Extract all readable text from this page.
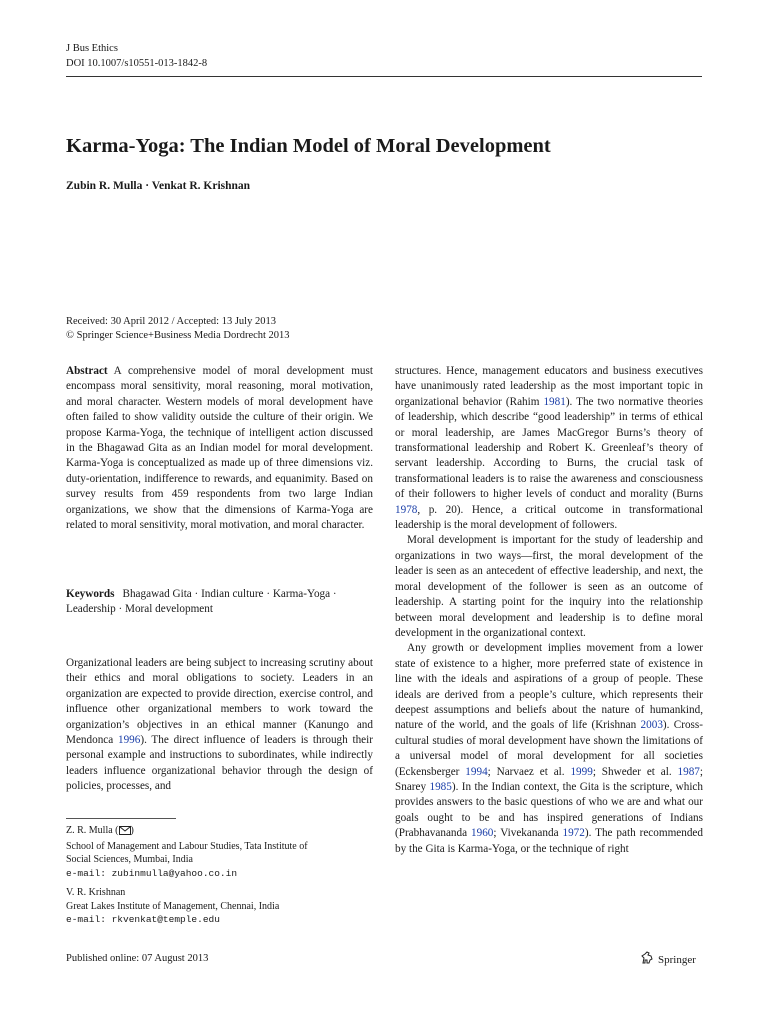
J Bus Ethics
DOI 10.1007/s10551-013-1842-8
Karma-Yoga: The Indian Model of Moral Development
Zubin R. Mulla · Venkat R. Krishnan
Received: 30 April 2012 / Accepted: 13 July 2013
© Springer Science+Business Media Dordrecht 2013

Abstract A comprehensive model of moral development must encompass moral sensitivity, moral reasoning, moral motivation, and moral character. Western models of moral development have often failed to show validity outside the culture of their origin. We propose Karma-Yoga, the technique of intelligent action discussed in the Bhagawad Gita as an Indian model for moral development. Karma-Yoga is conceptualized as made up of three dimensions viz. duty-orientation, indifference to rewards, and equanimity. Based on survey results from 459 respondents from two large Indian organizations, we show that the dimensions of Karma-Yoga are related to moral sensitivity, moral motivation, and moral character.

Keywords Bhagawad Gita · Indian culture · Karma-Yoga · Leadership · Moral development

Organizational leaders are being subject to increasing scrutiny about their ethics and moral obligations to society. Leaders in an organization are expected to provide direction, exercise control, and influence other organizational members to work toward the organization’s objectives in an ethical manner (Kanungo and Mendonca 1996). The direct influence of leaders is through their personal example and instructions to subordinates, while indirectly leaders influence organizational behavior through the design of policies, processes, and

Z. R. Mulla ( )
School of Management and Labour Studies, Tata Institute of
Social Sciences, Mumbai, India
e-mail: zubinmulla@yahoo.co.in
V. R. Krishnan
Great Lakes Institute of Management, Chennai, India
e-mail: rkvenkat@temple.edu

structures. Hence, management educators and business executives have unanimously rated leadership as the most important topic in organizational behavior (Rahim 1981). The two normative theories of leadership, which describe “good leadership” in terms of ethical or moral leadership, are James MacGregor Burns’s theory of transformational leadership and Robert K. Greenleaf’s theory of servant leadership. According to Burns, the crucial task of transformational leaders is to raise the awareness and consciousness of their followers to higher levels of conduct and morality (Burns 1978, p. 20). Hence, a critical outcome in transformational leadership is the moral development of followers.

Moral development is important for the study of leadership and organizations in two ways—first, the moral development of the leader is seen as an antecedent of effective leadership, and next, the moral development of the follower is seen as an outcome of leadership. A starting point for the inquiry into the relationship between moral development and leadership is to define moral development in the organizational context.

Any growth or development implies movement from a lower state of existence to a higher, more preferred state of existence in line with the ideals and aspirations of a group of people. These ideals are derived from a people’s culture, which represents their deepest assumptions and beliefs about the nature of humankind, nature of the world, and the goals of life (Krishnan 2003). Cross-cultural studies of moral development have shown the limitations of a universal model of moral development for all societies (Eckensberger 1994; Narvaez et al. 1999; Shweder et al. 1987; Snarey 1985). In the Indian context, the Gita is the scripture, which provides answers to the basic questions of who we are and what our goals ought to be and has inspired generations of Indians (Prabhavananda 1960; Vivekananda 1972). The path recommended by the Gita is Karma-Yoga, or the technique of right

Published online: 07 August 2013	Springer
